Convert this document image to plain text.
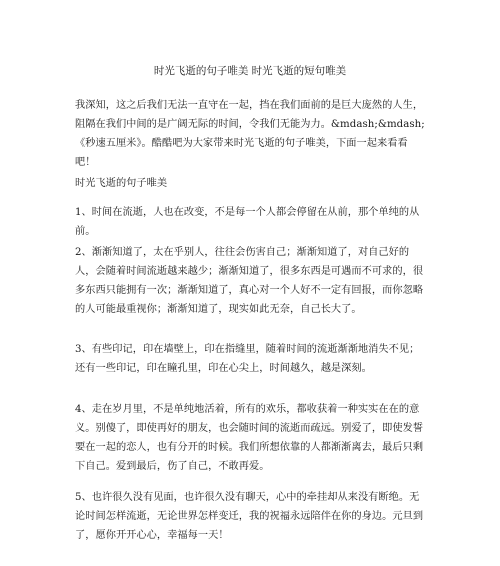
时光飞逝的句子唯美 时光飞逝的短句唯美
我深知，这之后我们无法一直守在一起，挡在我们面前的是巨大庞然的人生，阻隔在我们中间的是广阔无际的时间，令我们无能为力。&mdash;&mdash;《秒速五厘米》。酷酷吧为大家带来时光飞逝的句子唯美，下面一起来看看吧！
时光飞逝的句子唯美
1、时间在流逝，人也在改变，不是每一个人都会停留在从前，那个单纯的从前。
2、渐渐知道了，太在乎别人，往往会伤害自己；渐渐知道了，对自己好的人，会随着时间流逝越来越少；渐渐知道了，很多东西是可遇而不可求的，很多东西只能拥有一次；渐渐知道了，真心对一个人好不一定有回报，而你忽略的人可能最重视你；渐渐知道了，现实如此无奈，自己长大了。
3、有些印记，印在墙壁上，印在指缝里，随着时间的流逝渐渐地消失不见；还有一些印记，印在瞳孔里，印在心尖上，时间越久，越是深刻。
4、走在岁月里，不是单纯地活着，所有的欢乐，都收获着一种实实在在的意义。别傻了，即使再好的朋友，也会随时间的流逝而疏远。别爱了，即使发誓要在一起的恋人，也有分开的时候。我们所想依靠的人都渐渐离去，最后只剩下自己。爱到最后，伤了自己，不敢再爱。
5、也许很久没有见面，也许很久没有聊天，心中的牵挂却从来没有断绝。无论时间怎样流逝，无论世界怎样变迁，我的祝福永远陪伴在你的身边。元旦到了，愿你开开心心，幸福每一天！
